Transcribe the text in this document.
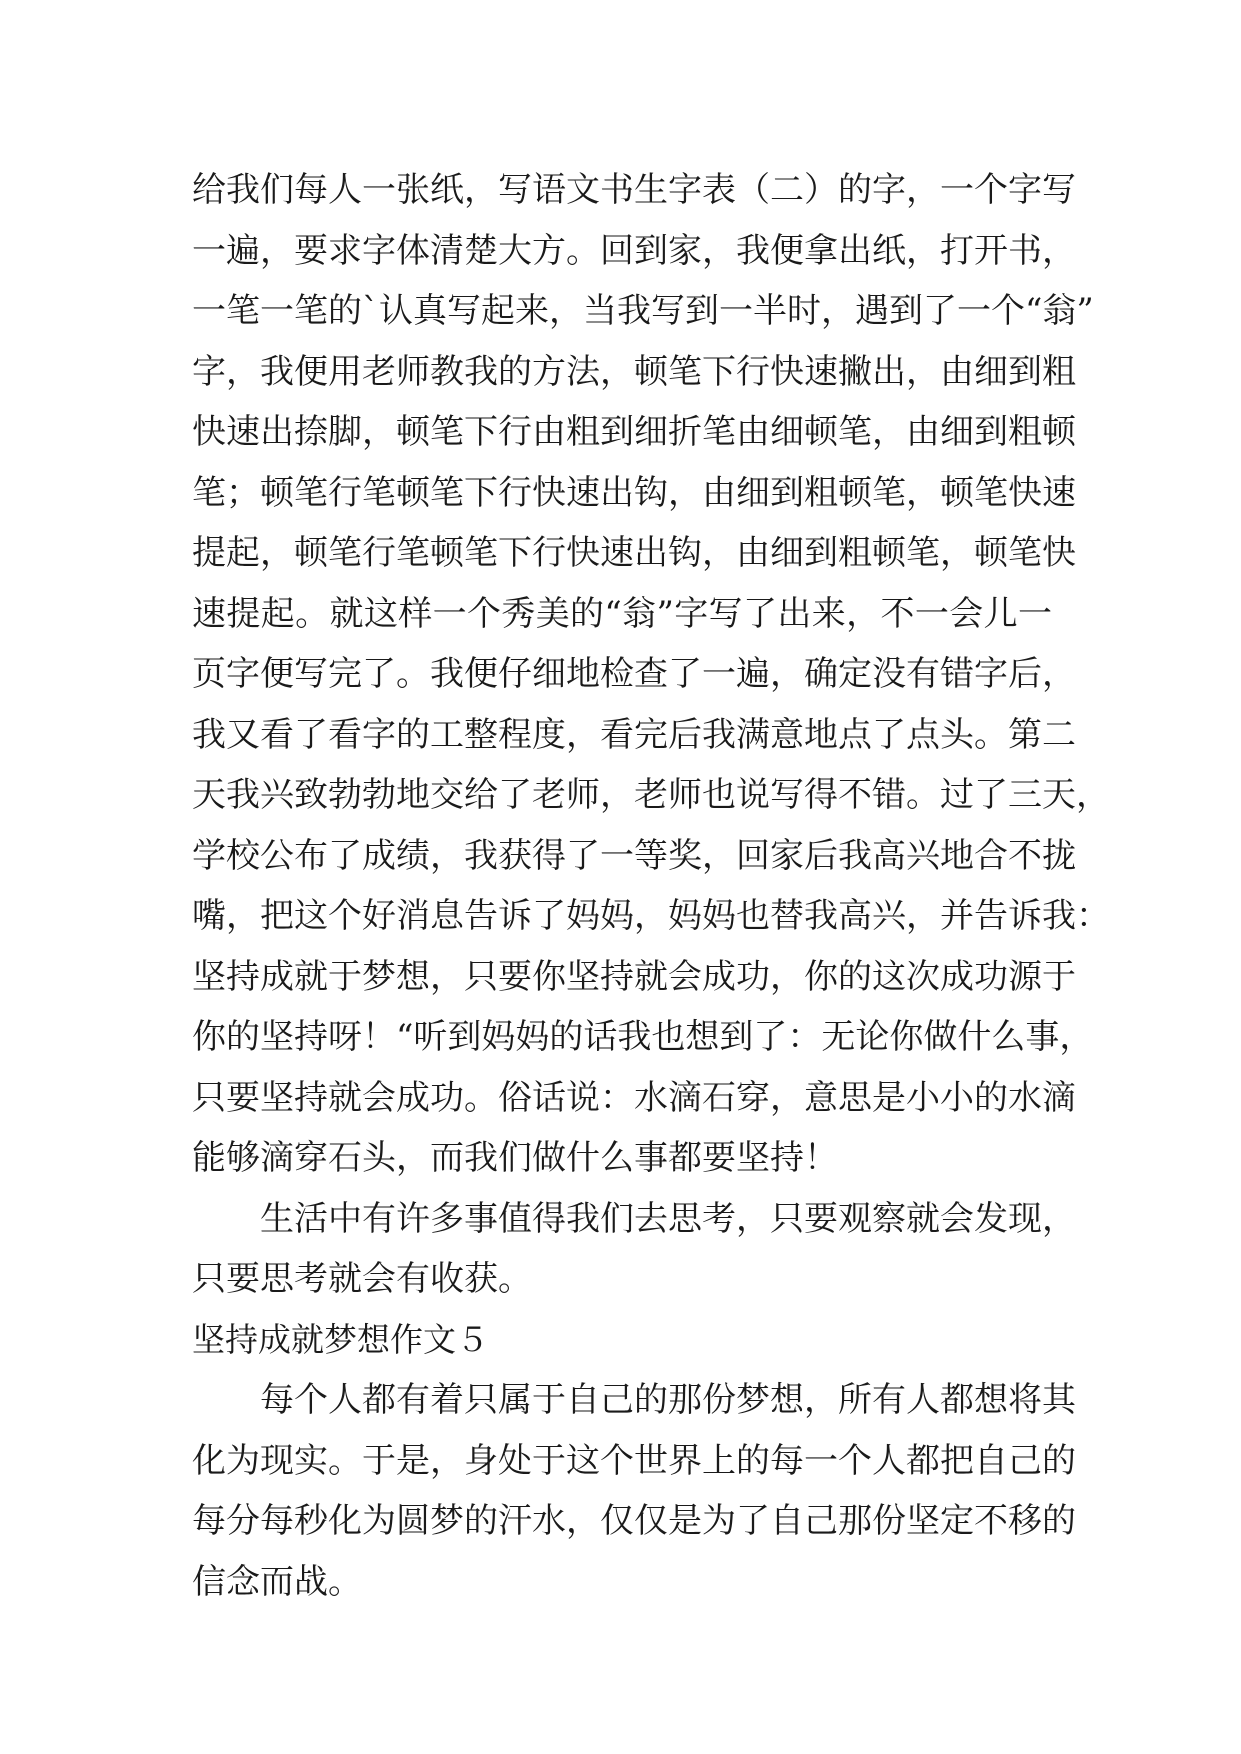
给我们每人一张纸，写语文书生字表（二）的字，一个字写
一遍，要求字体清楚大方。回到家，我便拿出纸，打开书，
一笔一笔的`认真写起来，当我写到一半时，遇到了一个“翁”
字，我便用老师教我的方法，顿笔下行快速撇出，由细到粗
快速出捺脚，顿笔下行由粗到细折笔由细顿笔，由细到粗顿
笔；顿笔行笔顿笔下行快速出钩，由细到粗顿笔，顿笔快速
提起，顿笔行笔顿笔下行快速出钩，由细到粗顿笔，顿笔快
速提起。就这样一个秀美的“翁”字写了出来，不一会儿一
页字便写完了。我便仔细地检查了一遍，确定没有错字后，
我又看了看字的工整程度，看完后我满意地点了点头。第二
天我兴致勃勃地交给了老师，老师也说写得不错。过了三天，
学校公布了成绩，我获得了一等奖，回家后我高兴地合不拢
嘴，把这个好消息告诉了妈妈，妈妈也替我高兴，并告诉我：
坚持成就于梦想，只要你坚持就会成功，你的这次成功源于
你的坚持呀！“听到妈妈的话我也想到了：无论你做什么事，
只要坚持就会成功。俗话说：水滴石穿，意思是小小的水滴
能够滴穿石头，而我们做什么事都要坚持！
生活中有许多事值得我们去思考，只要观察就会发现，
只要思考就会有收获。
坚持成就梦想作文５
每个人都有着只属于自己的那份梦想，所有人都想将其
化为现实。于是，身处于这个世界上的每一个人都把自己的
每分每秒化为圆梦的汗水，仅仅是为了自己那份坚定不移的
信念而战。
